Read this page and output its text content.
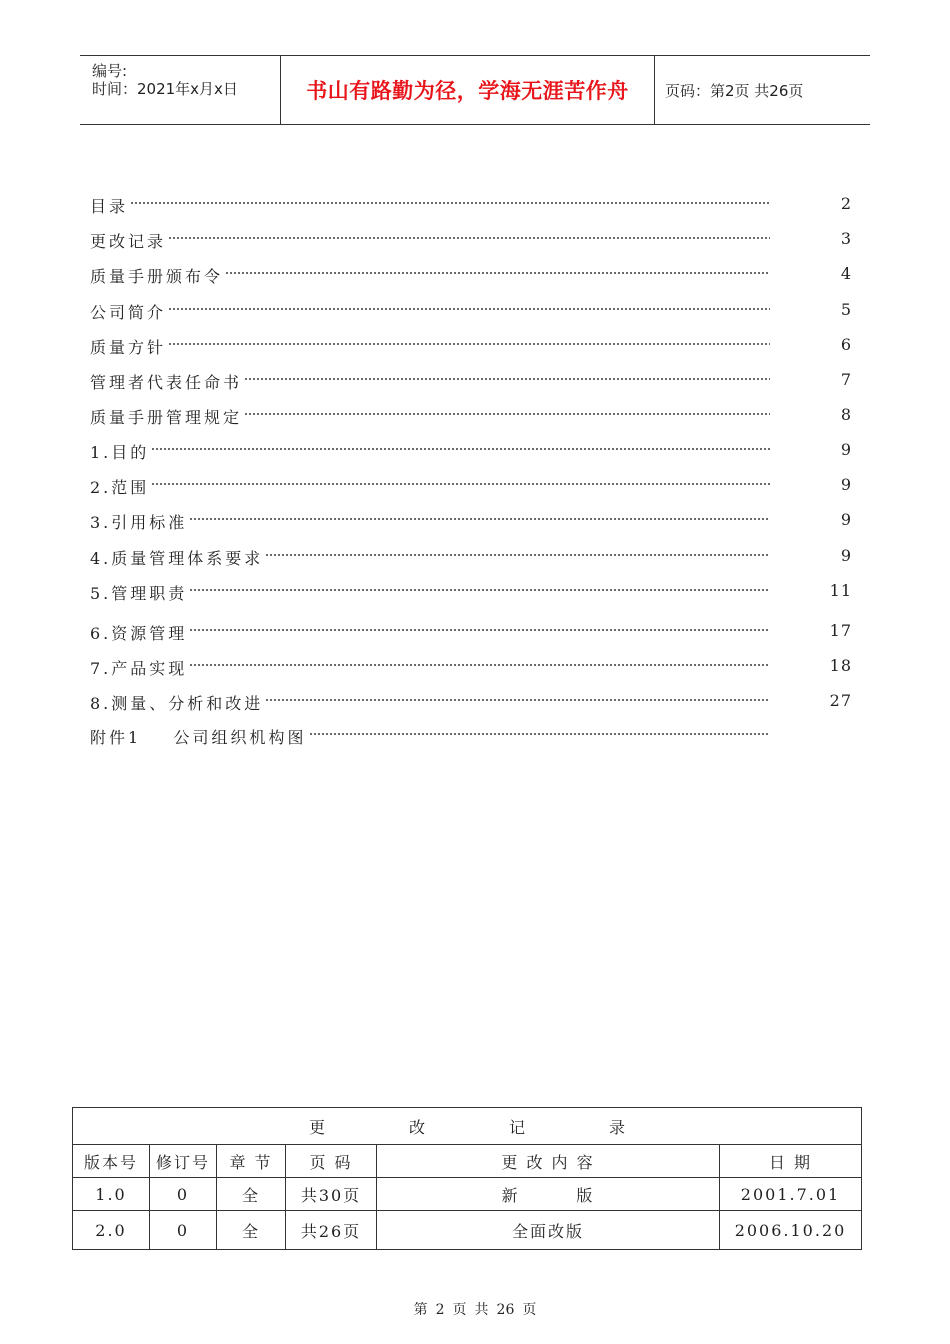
编号:
时间：2021年x月x日	书山有路勤为径，学海无涯苦作舟	页码：第2页 共26页
目录	2
更改记录	3
质量手册颁布令	4
公司简介	5
质量方针	6
管理者代表任命书	7
质量手册管理规定	8
1.目的	9
2.范围	9
3.引用标准	9
4.质量管理体系要求	9
5.管理职责	11
6.资源管理	17
7.产品实现	18
8.测量、分析和改进	27
附件1    公司组织机构图
更 改 记 录					
版本号	修订号	章 节	页 码	更 改 内 容	日 期
1.0	0	全	共30页	新        版	2001.7.01
2.0	0	全	共26页	全面改版	2006.10.20
第 2 页 共 26 页
